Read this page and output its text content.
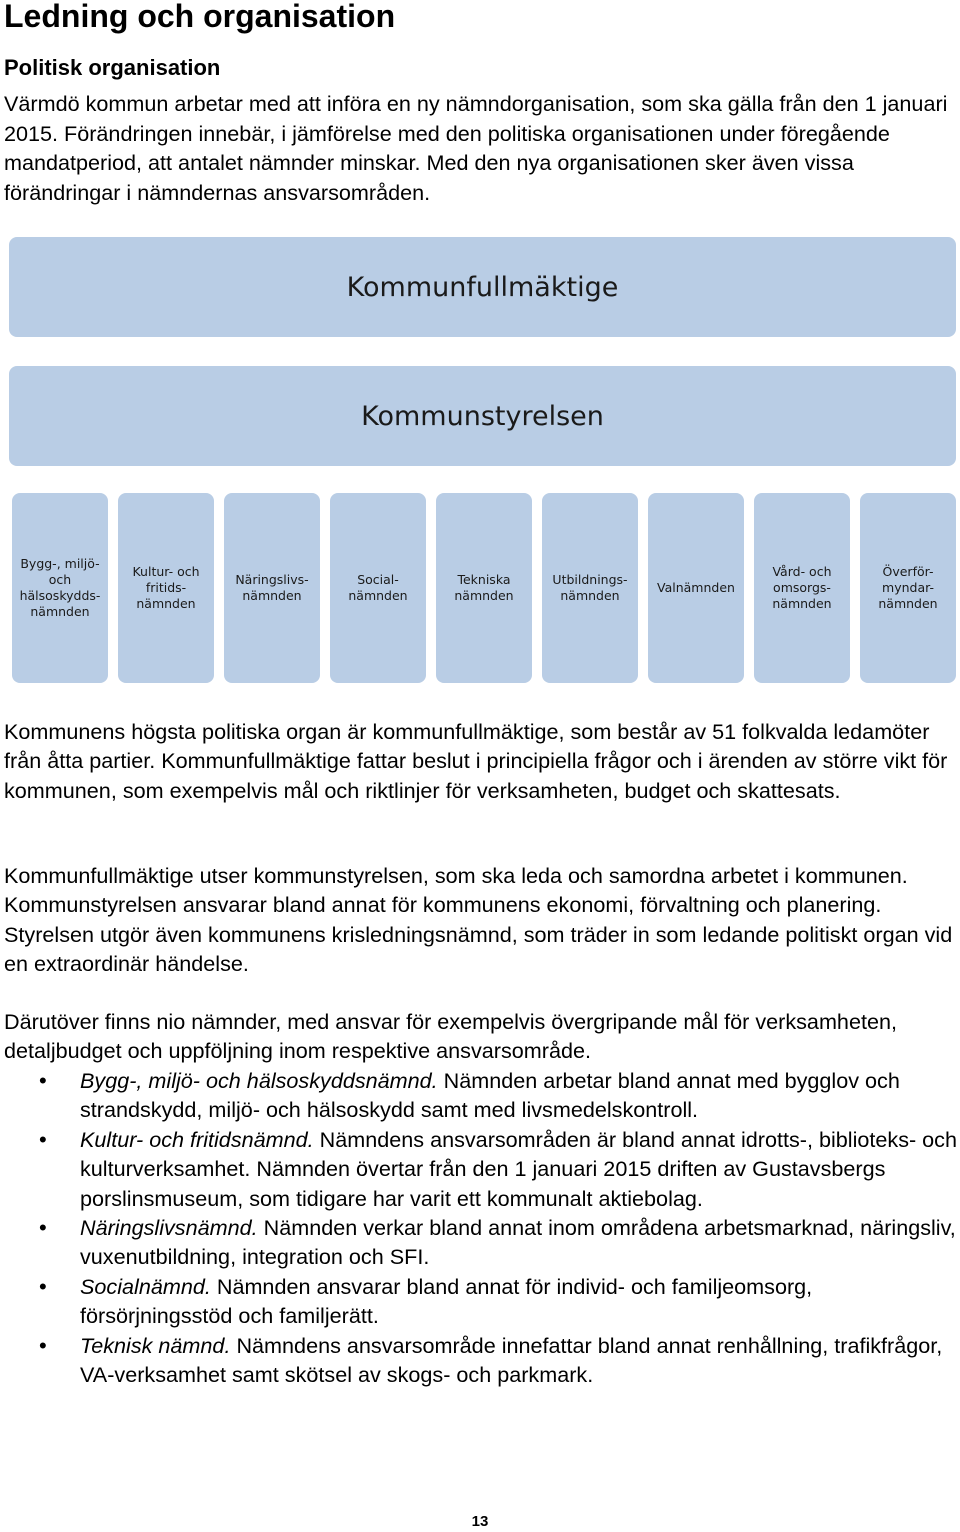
Ledning och organisation
Politisk organisation

Värmdö kommun arbetar med att införa en ny nämndorganisation, som ska gälla från den 1 januari 2015. Förändringen innebär, i jämförelse med den politiska organisationen under föregående mandatperiod, att antalet nämnder minskar. Med den nya organisationen sker även vissa förändringar i nämndernas ansvarsområden.

Kommunfullmäktige
Kommunstyrelsen
Bygg-, miljö-
och
hälsoskydds-
nämnden
Kultur- och
fritids-
nämnden
Näringslivs-
nämnden
Social-
nämnden
Tekniska
nämnden
Utbildnings-
nämnden
Valnämnden
Vård- och
omsorgs-
nämnden
Överför-
myndar-
nämnden

Kommunens högsta politiska organ är kommunfullmäktige, som består av 51 folkvalda ledamöter från åtta partier. Kommunfullmäktige fattar beslut i principiella frågor och i ärenden av större vikt för kommunen, som exempelvis mål och riktlinjer för verksamheten, budget och skattesats.

Kommunfullmäktige utser kommunstyrelsen, som ska leda och samordna arbetet i kommunen. Kommunstyrelsen ansvarar bland annat för kommunens ekonomi, förvaltning och planering. Styrelsen utgör även kommunens krisledningsnämnd, som träder in som ledande politiskt organ vid en extraordinär händelse.

Därutöver finns nio nämnder, med ansvar för exempelvis övergripande mål för verksamheten, detaljbudget och uppföljning inom respektive ansvarsområde.

• Bygg-, miljö- och hälsoskyddsnämnd. Nämnden arbetar bland annat med bygglov och strandskydd, miljö- och hälsoskydd samt med livsmedelskontroll.
• Kultur- och fritidsnämnd. Nämndens ansvarsområden är bland annat idrotts-, biblioteks- och kulturverksamhet. Nämnden övertar från den 1 januari 2015 driften av Gustavsbergs porslinsmuseum, som tidigare har varit ett kommunalt aktiebolag.
• Näringslivsnämnd. Nämnden verkar bland annat inom områdena arbetsmarknad, näringsliv, vuxenutbildning, integration och SFI.
• Socialnämnd. Nämnden ansvarar bland annat för individ- och familjeomsorg, försörjningsstöd och familjerätt.
• Teknisk nämnd. Nämndens ansvarsområde innefattar bland annat renhållning, trafikfrågor, VA-verksamhet samt skötsel av skogs- och parkmark.

13
